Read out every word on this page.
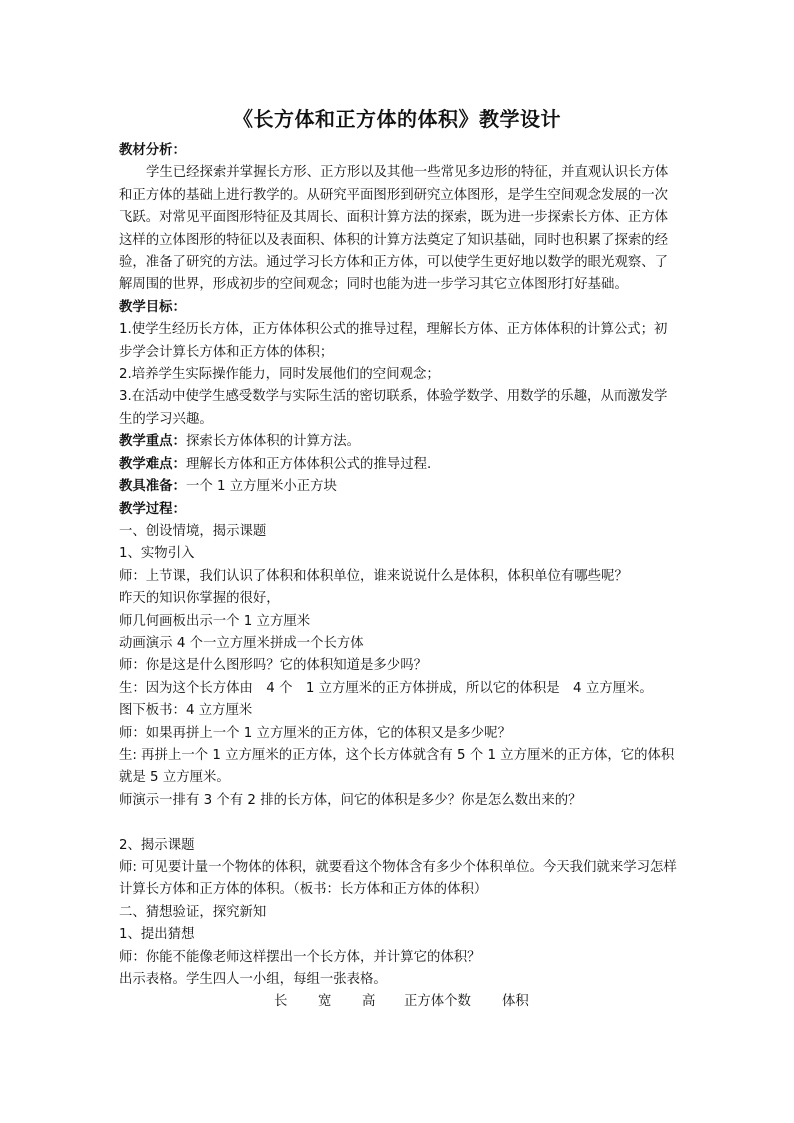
《长方体和正方体的体积》教学设计

教材分析：

学生已经探索并掌握长方形、正方形以及其他一些常见多边形的特征，并直观认识长方体和正方体的基础上进行教学的。从研究平面图形到研究立体图形，是学生空间观念发展的一次飞跃。对常见平面图形特征及其周长、面积计算方法的探索，既为进一步探索长方体、正方体这样的立体图形的特征以及表面积、体积的计算方法奠定了知识基础，同时也积累了探索的经验，准备了研究的方法。通过学习长方体和正方体，可以使学生更好地以数学的眼光观察、了解周围的世界，形成初步的空间观念；同时也能为进一步学习其它立体图形打好基础。

教学目标：

1.使学生经历长方体，正方体体积公式的推导过程，理解长方体、正方体体积的计算公式；初步学会计算长方体和正方体的体积；

2.培养学生实际操作能力，同时发展他们的空间观念；

3.在活动中使学生感受数学与实际生活的密切联系，体验学数学、用数学的乐趣，从而激发学生的学习兴趣。

教学重点：探索长方体体积的计算方法。

教学难点：理解长方体和正方体体积公式的推导过程.

教具准备：一个 1 立方厘米小正方块

教学过程：

一、创设情境，揭示课题

1、实物引入

师：上节课，我们认识了体积和体积单位，谁来说说什么是体积，体积单位有哪些呢？

昨天的知识你掌握的很好，

师几何画板出示一个 1 立方厘米

动画演示 4 个一立方厘米拼成一个长方体

师：你是这是什么图形吗？它的体积知道是多少吗？

生：因为这个长方体由　4 个　1 立方厘米的正方体拼成，所以它的体积是　4 立方厘米。

图下板书：4 立方厘米

师：如果再拼上一个 1 立方厘米的正方体，它的体积又是多少呢？

生: 再拼上一个 1 立方厘米的正方体，这个长方体就含有 5 个 1 立方厘米的正方体，它的体积就是 5 立方厘米。

师演示一排有 3 个有 2 排的长方体，问它的体积是多少？你是怎么数出来的？

2、揭示课题

师: 可见要计量一个物体的体积，就要看这个物体含有多少个体积单位。今天我们就来学习怎样计算长方体和正方体的体积。（板书：长方体和正方体的体积）

二、猜想验证，探究新知

1、提出猜想

师：你能不能像老师这样摆出一个长方体，并计算它的体积？

出示表格。学生四人一小组，每组一张表格。

长	宽	高	正方体个数	体积
